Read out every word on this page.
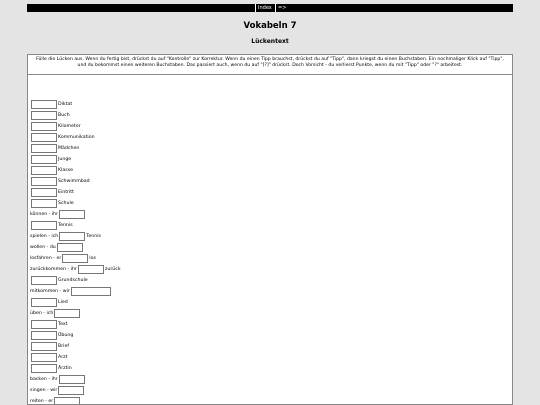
Index	=>
Vokabeln 7
Lückentext
Fülle die Lücken aus. Wenn du fertig bist, drückst du auf "Kontrolle" zur Korrektur. Wenn du einen Tipp brauchst, drückst du auf "Tipp", dann kriegst du einen Buchstaben. Ein nochmaliger Klick auf "Tipp", und du bekommst einen weiteren Buchstaben. Das passiert auch, wenn du auf "[?]" drückst. Doch Vorsicht - du verlierst Punkte, wenn du mit "Tipp" oder "?" arbeitest.
Diktat
Buch
Kilometer
Kommunikation
Mädchen
Junge
Klasse
Schwimmbad
Eintritt
Schule
können - ihr
Tennis
spielen - ich	Tennis
wollen - du
losfahren - er	los
zurückkommen - ihr	zurück
Grundschule
mitkommen - wir
Lied
üben - ich
Text
Übung
Brief
Arzt
Ärztin
backen - ihr
singen - wir
reiten - er
